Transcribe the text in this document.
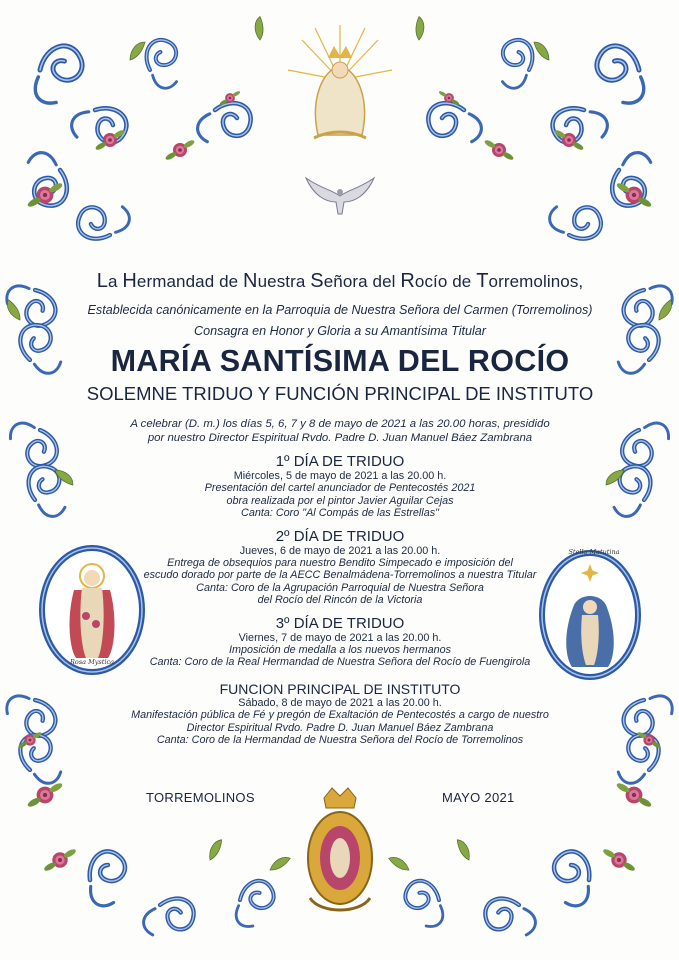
Rosa Mystica
Stella Matutina

La Hermandad de Nuestra Señora del Rocío de Torremolinos,

Establecida canónicamente en la Parroquia de Nuestra Señora del Carmen (Torremolinos)

Consagra en Honor y Gloria a su Amantísima Titular

MARÍA SANTÍSIMA DEL ROCÍO
SOLEMNE TRIDUO Y FUNCIÓN PRINCIPAL DE INSTITUTO

A celebrar (D. m.) los días 5, 6, 7 y 8 de mayo de 2021 a las 20.00 horas, presidido

por nuestro Director Espiritual Rvdo. Padre D. Juan Manuel Báez Zambrana

1º DÍA DE TRIDUO

Miércoles, 5 de mayo de 2021 a las 20.00 h.

Presentación del cartel anunciador de Pentecostés 2021

obra realizada por el pintor Javier Aguilar Cejas

Canta: Coro "Al Compás de las Estrellas"

2º DÍA DE TRIDUO

Jueves, 6 de mayo de 2021 a las 20.00 h.

Entrega de obsequios para nuestro Bendito Simpecado e imposición del

escudo dorado por parte de la AECC Benalmádena-Torremolinos a nuestra Titular

Canta: Coro de la Agrupación Parroquial de Nuestra Señora

del Rocío del Rincón de la Victoria

3º DÍA DE TRIDUO

Viernes, 7 de mayo de 2021 a las 20.00 h.

Imposición de medalla a los nuevos hermanos

Canta: Coro de la Real Hermandad de Nuestra Señora del Rocío de Fuengirola

FUNCION PRINCIPAL DE INSTITUTO

Sábado, 8 de mayo de 2021 a las 20.00 h.

Manifestación pública de Fé y pregón de Exaltación de Pentecostés a cargo de nuestro

Director Espiritual Rvdo. Padre D. Juan Manuel Báez Zambrana

Canta: Coro de la Hermandad de Nuestra Señora del Rocío de Torremolinos

TORREMOLINOS	MAYO 2021
